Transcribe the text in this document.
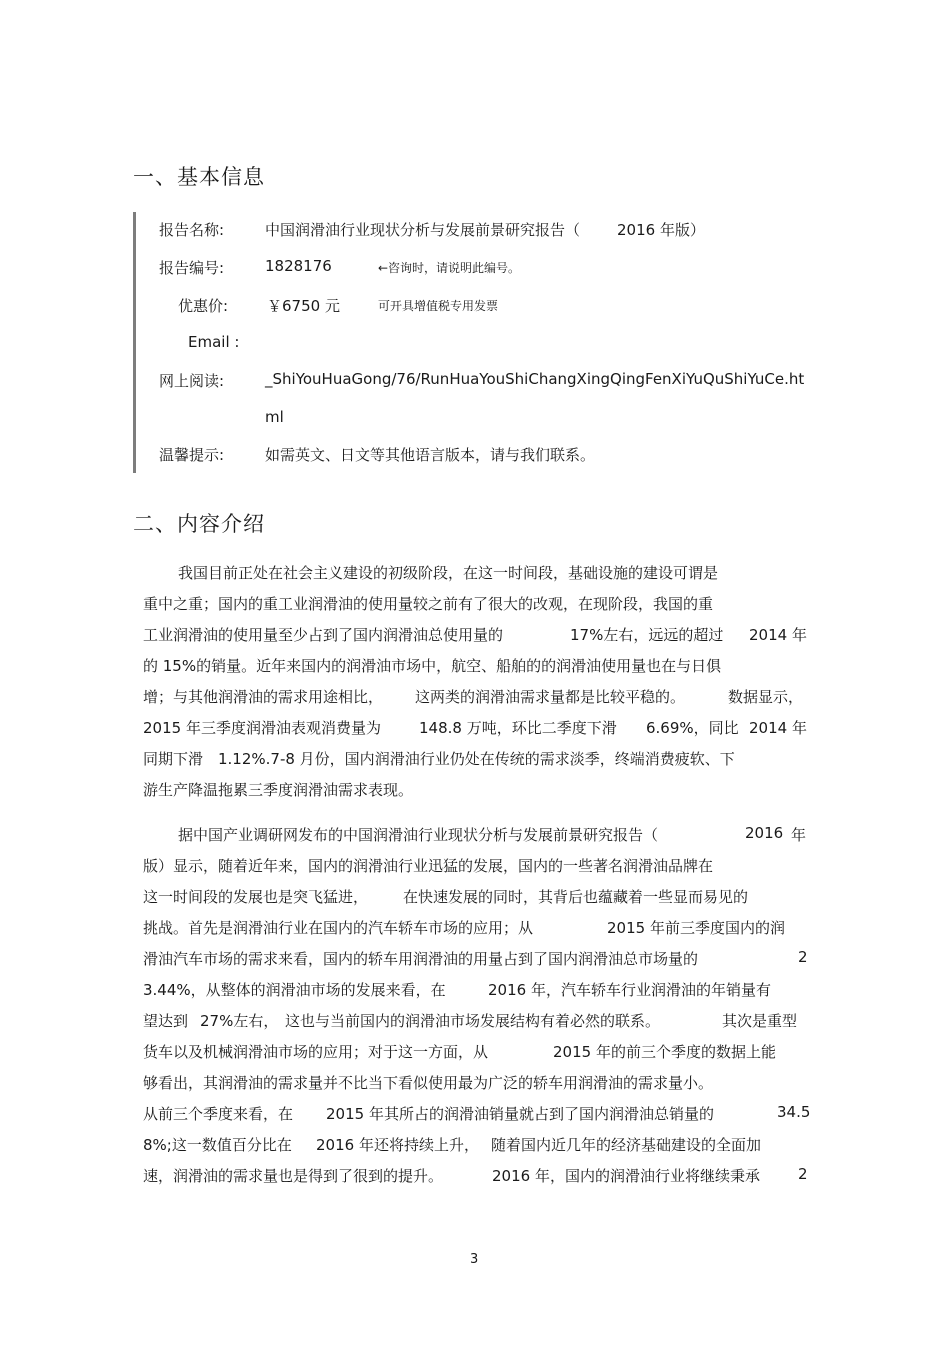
一、基本信息
报告名称:	中国润滑油行业现状分析与发展前景研究报告（ 2016 年版）
报告编号:	1828176	←咨询时，请说明此编号。
优惠价:	￥6750 元	可开具增值税专用发票
Email :
网上阅读:	_ShiYouHuaGong/76/RunHuaYouShiChangXingQingFenXiYuQuShiYuCe.ht
ml
温馨提示:	如需英文、日文等其他语言版本，请与我们联系。
二、内容介绍
我国目前正处在社会主义建设的初级阶段，在这一时间段，基础设施的建设可谓是
重中之重；国内的重工业润滑油的使用量较之前有了很大的改观，在现阶段，我国的重
工业润滑油的使用量至少占到了国内润滑油总使用量的	17%左右，远远的超过 2014 年
的 15%的销量。近年来国内的润滑油市场中，航空、船舶的的润滑油使用量也在与日俱
增；与其他润滑油的需求用途相比， 这两类的润滑油需求量都是比较平稳的。	数据显示，
2015 年三季度润滑油表观消费量为	148.8 万吨，环比二季度下滑 6.69%，同比 2014 年
同期下滑 1.12%.7-8 月份，国内润滑油行业仍处在传统的需求淡季，终端消费疲软、下
游生产降温拖累三季度润滑油需求表现。
据中国产业调研网发布的中国润滑油行业现状分析与发展前景研究报告（	2016 年
版）显示，随着近年来，国内的润滑油行业迅猛的发展，国内的一些著名润滑油品牌在
这一时间段的发展也是突飞猛进， 在快速发展的同时，其背后也蕴藏着一些显而易见的
挑战。首先是润滑油行业在国内的汽车轿车市场的应用；从	2015 年前三季度国内的润
滑油汽车市场的需求来看，国内的轿车用润滑油的用量占到了国内润滑油总市场量的	2
3.44%，从整体的润滑油市场的发展来看，在	2016 年，汽车轿车行业润滑油的年销量有
望达到 27%左右， 这也与当前国内的润滑油市场发展结构有着必然的联系。	其次是重型
货车以及机械润滑油市场的应用；对于这一方面，从	2015 年的前三个季度的数据上能
够看出，其润滑油的需求量并不比当下看似使用最为广泛的轿车用润滑油的需求量小。
从前三个季度来看，在 2015 年其所占的润滑油销量就占到了国内润滑油总销量的	34.5
8%;这一数值百分比在 2016 年还将持续上升， 随着国内近几年的经济基础建设的全面加
速，润滑油的需求量也是得到了很到的提升。	2016 年，国内的润滑油行业将继续秉承	2
3
